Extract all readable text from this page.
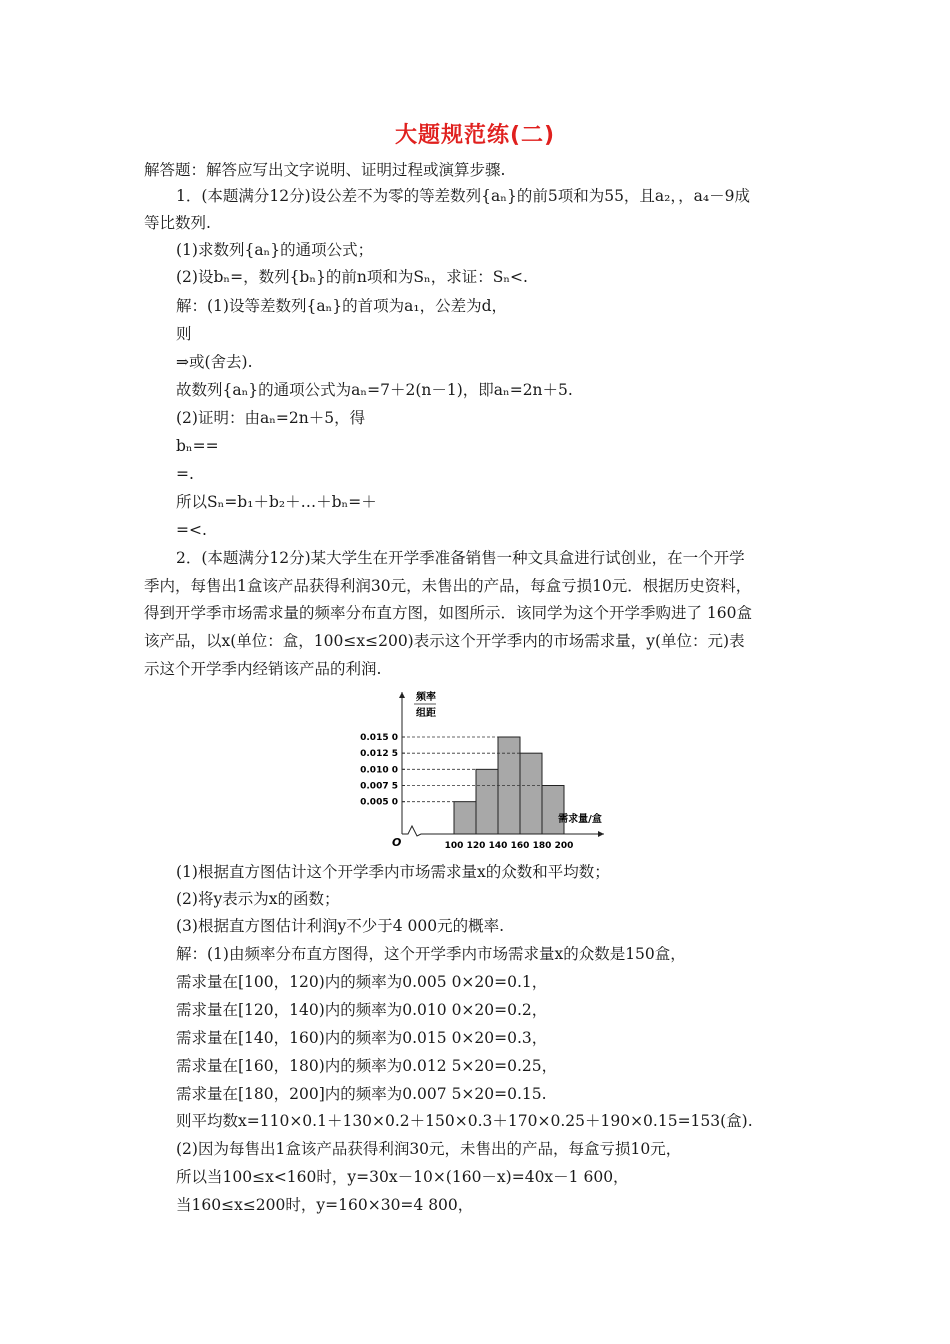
大题规范练(二)
解答题：解答应写出文字说明、证明过程或演算步骤.
1．(本题满分12分)设公差不为零的等差数列{aₙ}的前5项和为55，且a₂，，a₄－9成
等比数列.
(1)求数列{aₙ}的通项公式；
(2)设bₙ=，数列{bₙ}的前n项和为Sₙ，求证：Sₙ<.
解：(1)设等差数列{aₙ}的首项为a₁，公差为d，
则
⇒或(舍去).
故数列{aₙ}的通项公式为aₙ=7＋2(n－1)，即aₙ=2n＋5.
(2)证明：由aₙ=2n＋5，得
bₙ==
=.
所以Sₙ=b₁＋b₂＋…＋bₙ=＋
=<.
2．(本题满分12分)某大学生在开学季准备销售一种文具盒进行试创业，在一个开学
季内，每售出1盒该产品获得利润30元，未售出的产品，每盒亏损10元．根据历史资料，
得到开学季市场需求量的频率分布直方图，如图所示．该同学为这个开学季购进了 160盒
该产品，以x(单位：盒，100≤x≤200)表示这个开学季内的市场需求量，y(单位：元)表
示这个开学季内经销该产品的利润.
频率
组距
O
0.005 0
0.007 5
0.010 0
0.012 5
0.015 0
100 120 140 160 180 200
需求量/盒
(1)根据直方图估计这个开学季内市场需求量x的众数和平均数；
(2)将y表示为x的函数；
(3)根据直方图估计利润y不少于4 000元的概率.
解：(1)由频率分布直方图得，这个开学季内市场需求量x的众数是150盒，
需求量在[100，120)内的频率为0.005 0×20=0.1，
需求量在[120，140)内的频率为0.010 0×20=0.2，
需求量在[140，160)内的频率为0.015 0×20=0.3，
需求量在[160，180)内的频率为0.012 5×20=0.25，
需求量在[180，200]内的频率为0.007 5×20=0.15.
则平均数x=110×0.1＋130×0.2＋150×0.3＋170×0.25＋190×0.15=153(盒).
(2)因为每售出1盒该产品获得利润30元，未售出的产品，每盒亏损10元，
所以当100≤x<160时，y=30x－10×(160－x)=40x－1 600，
当160≤x≤200时，y=160×30=4 800，
